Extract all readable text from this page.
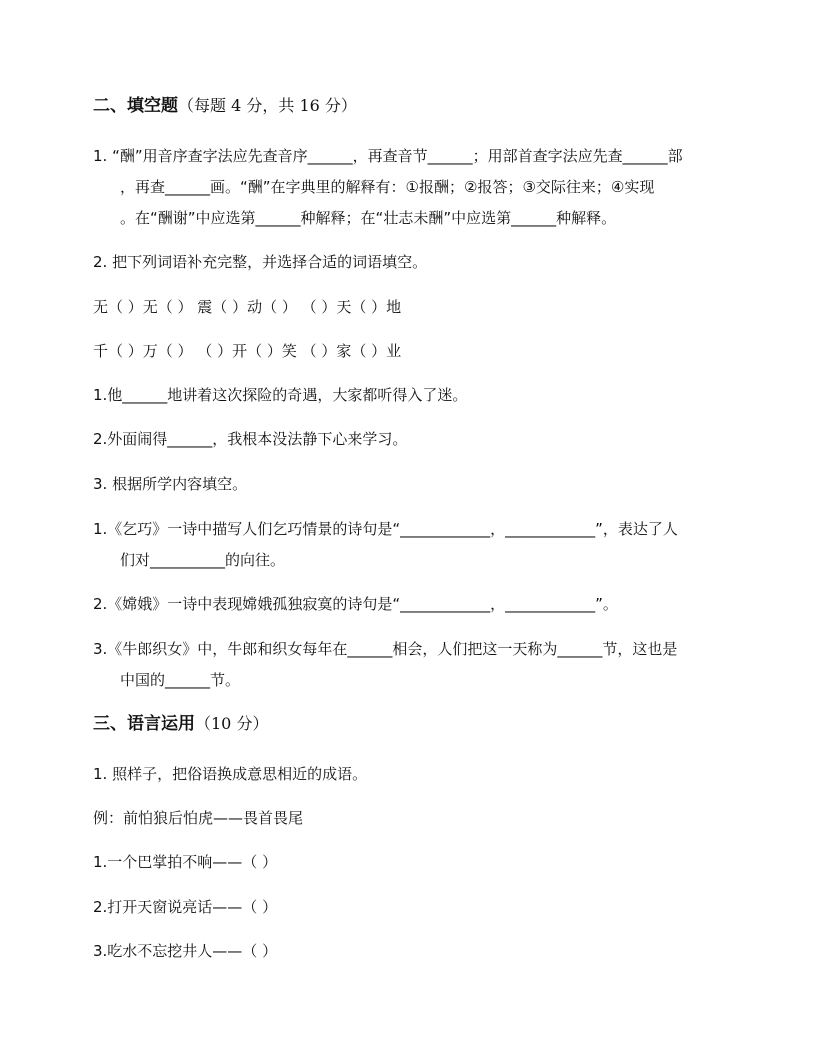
二、填空题（每题 4 分，共 16 分）
1. “酬”用音序查字法应先查音序______，再查音节______；用部首查字法应先查______部
，再查______画。“酬”在字典里的解释有：①报酬；②报答；③交际往来；④实现
。在“酬谢”中应选第______种解释；在“壮志未酬”中应选第______种解释。
2. 把下列词语补充完整，并选择合适的词语填空。
无（ ）无（ ） 震（ ）动（ ） （ ）天（ ）地
千（ ）万（ ） （ ）开（ ）笑 （ ）家（ ）业
1.他______地讲着这次探险的奇遇，大家都听得入了迷。
2.外面闹得______，我根本没法静下心来学习。
3. 根据所学内容填空。
1.《乞巧》一诗中描写人们乞巧情景的诗句是“____________，____________”，表达了人
们对__________的向往。
2.《嫦娥》一诗中表现嫦娥孤独寂寞的诗句是“____________，____________”。
3.《牛郎织女》中，牛郎和织女每年在______相会，人们把这一天称为______节，这也是
中国的______节。
三、语言运用（10 分）
1. 照样子，把俗语换成意思相近的成语。
例：前怕狼后怕虎——畏首畏尾
1.一个巴掌拍不响——（ ）
2.打开天窗说亮话——（ ）
3.吃水不忘挖井人——（ ）
